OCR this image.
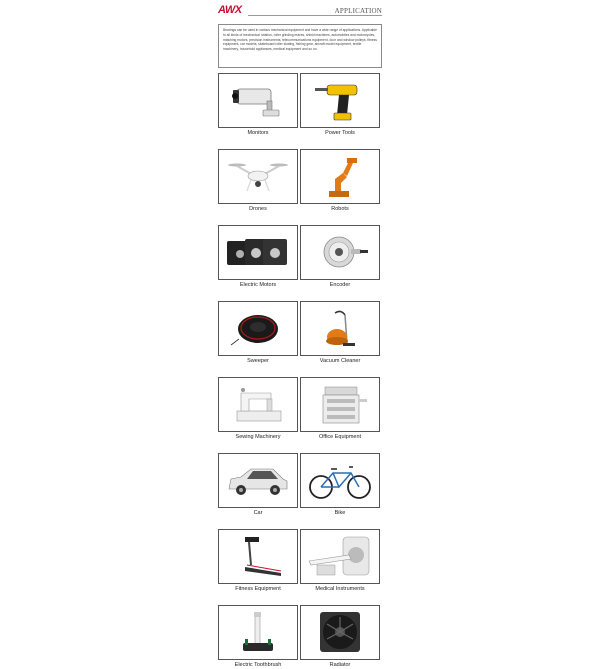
AWX	APPLICATION
Bearings can be used in various mechanical equipment and have a wide range of applications. Applicable to all kinds of mechanical rotation, roller grinding maces, shield machines, automobiles and motorcycles, matching motors, precision instruments, telecommunications equipment, door and window pulleys, fitness equipment, car models, skateboard roller skating, fishing gear, aircraft model equipment, textile machinery, household appliances, medical equipment and so on.
Monitors	Power Tools
Drones	Robots
Electric Motors	Encoder
Sweeper	Vacuum Cleaner
Sewing Machinery	Office Equipment
Car	Bike
Fitness Equipment	Medical Instruments
Electric Toothbrush	Radiator
